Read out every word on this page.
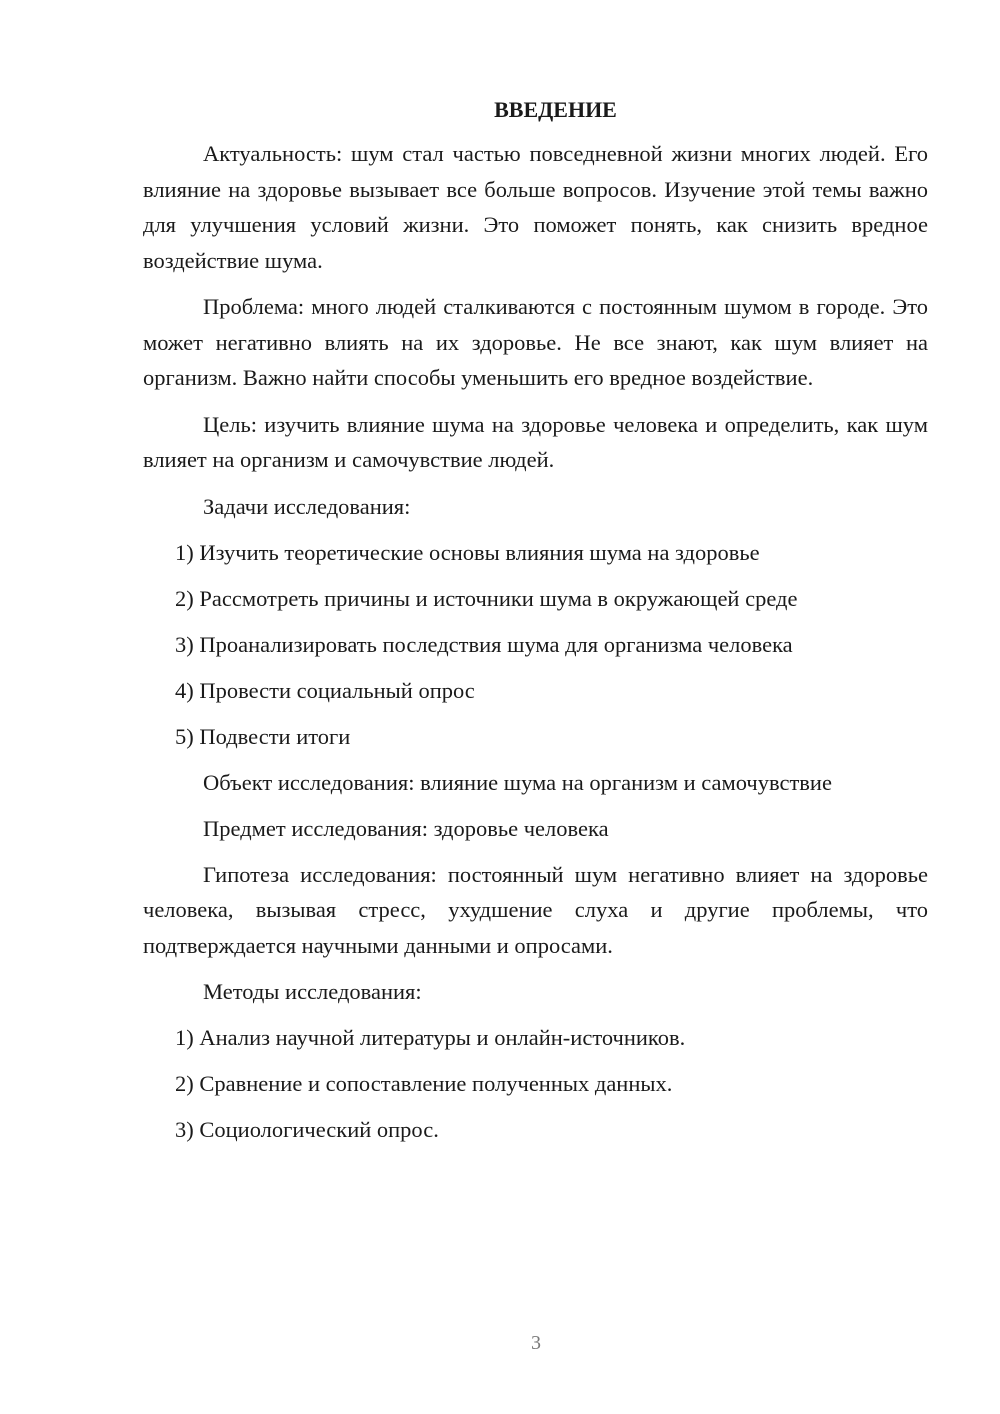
ВВЕДЕНИЕ

Актуальность: шум стал частью повседневной жизни многих людей. Его влияние на здоровье вызывает все больше вопросов. Изучение этой темы важно для улучшения условий жизни. Это поможет понять, как снизить вредное воздействие шума.

Проблема: много людей сталкиваются с постоянным шумом в городе. Это может негативно влиять на их здоровье. Не все знают, как шум влияет на организм. Важно найти способы уменьшить его вредное воздействие.

Цель: изучить влияние шума на здоровье человека и определить, как шум влияет на организм и самочувствие людей.

Задачи исследования:

1) Изучить теоретические основы влияния шума на здоровье

2) Рассмотреть причины и источники шума в окружающей среде

3) Проанализировать последствия шума для организма человека

4) Провести социальный опрос

5) Подвести итоги

Объект исследования: влияние шума на организм и самочувствие

Предмет исследования: здоровье человека

Гипотеза исследования: постоянный шум негативно влияет на здоровье человека, вызывая стресс, ухудшение слуха и другие проблемы, что подтверждается научными данными и опросами.

Методы исследования:

1) Анализ научной литературы и онлайн-источников.

2) Сравнение и сопоставление полученных данных.

3) Социологический опрос.

3
